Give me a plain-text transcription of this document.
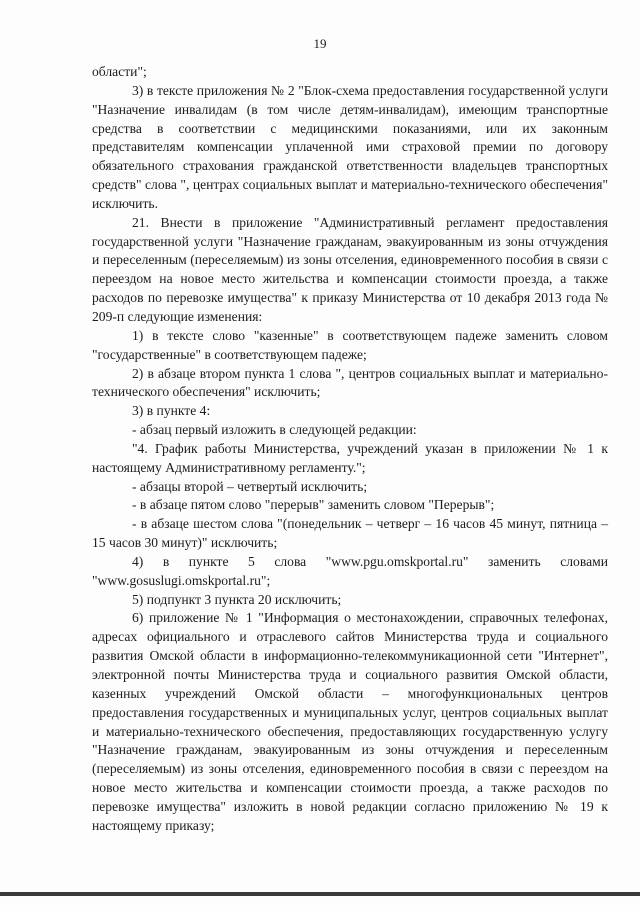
19

области";

3) в тексте приложения № 2 "Блок-схема предоставления государственной услуги "Назначение инвалидам (в том числе детям-инвалидам), имеющим транспортные средства в соответствии с медицинскими показаниями, или их законным представителям компенсации уплаченной ими страховой премии по договору обязательного страхования гражданской ответственности владельцев транспортных средств" слова ", центрах социальных выплат и материально-технического обеспечения" исключить.

21. Внести в приложение "Административный регламент предоставления государственной услуги "Назначение гражданам, эвакуированным из зоны отчуждения и переселенным (переселяемым) из зоны отселения, единовременного пособия в связи с переездом на новое место жительства и компенсации стоимости проезда, а также расходов по перевозке имущества" к приказу Министерства от 10 декабря 2013 года № 209-п следующие изменения:

1) в тексте слово "казенные" в соответствующем падеже заменить словом "государственные" в соответствующем падеже;

2) в абзаце втором пункта 1 слова ", центров социальных выплат и материально-технического обеспечения" исключить;

3) в пункте 4:

- абзац первый изложить в следующей редакции:

"4. График работы Министерства, учреждений указан в приложении № 1 к настоящему Административному регламенту.";

- абзацы второй – четвертый исключить;

- в абзаце пятом слово "перерыв" заменить словом "Перерыв";

- в абзаце шестом слова "(понедельник – четверг – 16 часов 45 минут, пятница – 15 часов 30 минут)" исключить;

4) в пункте 5 слова "www.pgu.omskportal.ru" заменить словами "www.gosuslugi.omskportal.ru";

5) подпункт 3 пункта 20 исключить;

6) приложение № 1 "Информация о местонахождении, справочных телефонах, адресах официального и отраслевого сайтов Министерства труда и социального развития Омской области в информационно-телекоммуникационной сети "Интернет", электронной почты Министерства труда и социального развития Омской области, казенных учреждений Омской области – многофункциональных центров предоставления государственных и муниципальных услуг, центров социальных выплат и материально-технического обеспечения, предоставляющих государственную услугу "Назначение гражданам, эвакуированным из зоны отчуждения и переселенным (переселяемым) из зоны отселения, единовременного пособия в связи с переездом на новое место жительства и компенсации стоимости проезда, а также расходов по перевозке имущества" изложить в новой редакции согласно приложению № 19 к настоящему приказу;
